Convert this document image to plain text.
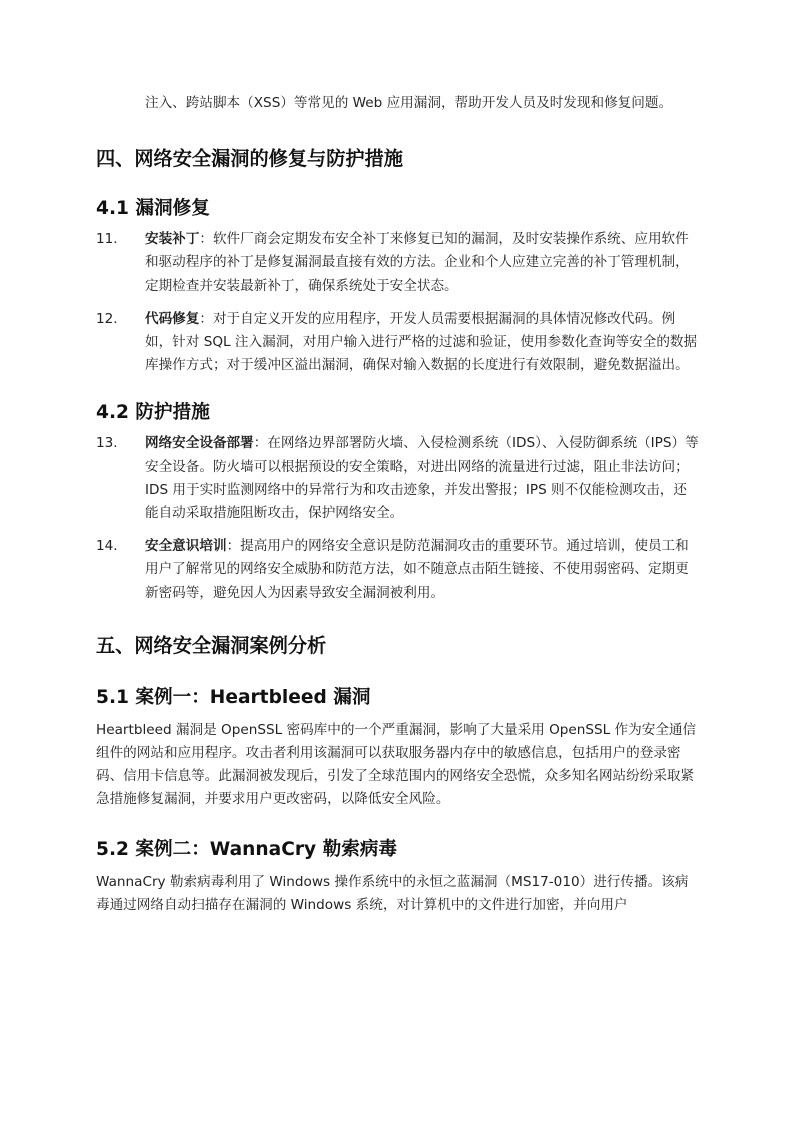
注入、跨站脚本（XSS）等常见的 Web 应用漏洞，帮助开发人员及时发现和修复问题。

四、网络安全漏洞的修复与防护措施
4.1 漏洞修复
11.	安装补丁：软件厂商会定期发布安全补丁来修复已知的漏洞，及时安装操作系统、应用软件和驱动程序的补丁是修复漏洞最直接有效的方法。企业和个人应建立完善的补丁管理机制，定期检查并安装最新补丁，确保系统处于安全状态。

12.	代码修复：对于自定义开发的应用程序，开发人员需要根据漏洞的具体情况修改代码。例如，针对 SQL 注入漏洞，对用户输入进行严格的过滤和验证，使用参数化查询等安全的数据库操作方式；对于缓冲区溢出漏洞，确保对输入数据的长度进行有效限制，避免数据溢出。

4.2 防护措施
13.	网络安全设备部署：在网络边界部署防火墙、入侵检测系统（IDS）、入侵防御系统（IPS）等安全设备。防火墙可以根据预设的安全策略，对进出网络的流量进行过滤，阻止非法访问；IDS 用于实时监测网络中的异常行为和攻击迹象，并发出警报；IPS 则不仅能检测攻击，还能自动采取措施阻断攻击，保护网络安全。

14.	安全意识培训：提高用户的网络安全意识是防范漏洞攻击的重要环节。通过培训，使员工和用户了解常见的网络安全威胁和防范方法，如不随意点击陌生链接、不使用弱密码、定期更新密码等，避免因人为因素导致安全漏洞被利用。

五、网络安全漏洞案例分析
5.1 案例一：Heartbleed 漏洞

Heartbleed 漏洞是 OpenSSL 密码库中的一个严重漏洞，影响了大量采用 OpenSSL 作为安全通信组件的网站和应用程序。攻击者利用该漏洞可以获取服务器内存中的敏感信息，包括用户的登录密码、信用卡信息等。此漏洞被发现后，引发了全球范围内的网络安全恐慌，众多知名网站纷纷采取紧急措施修复漏洞，并要求用户更改密码，以降低安全风险。

5.2 案例二：WannaCry 勒索病毒

WannaCry 勒索病毒利用了 Windows 操作系统中的永恒之蓝漏洞（MS17-010）进行传播。该病毒通过网络自动扫描存在漏洞的 Windows 系统，对计算机中的文件进行加密，并向用户
